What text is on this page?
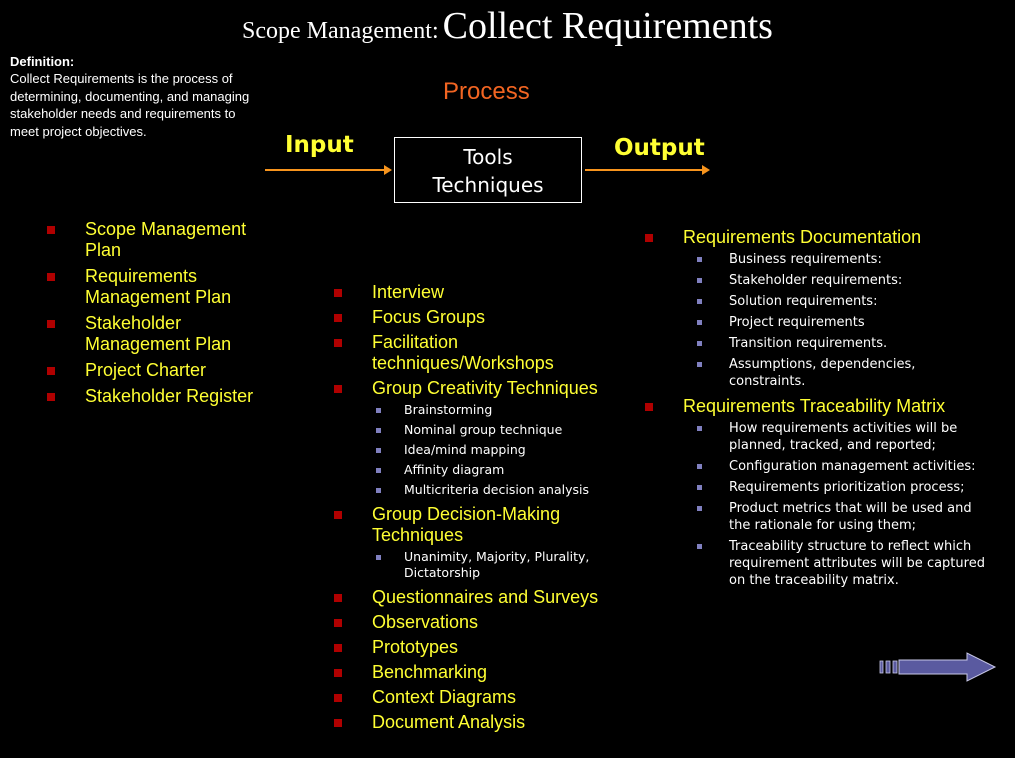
Scope Management: Collect Requirements
Definition:
Collect Requirements is the process of determining, documenting, and managing stakeholder needs and requirements to meet project objectives.
Process
Input	Output
Tools
Techniques
Scope Management Plan
Requirements Management Plan
Stakeholder Management Plan
Project Charter
Stakeholder Register
Interview
Focus Groups
Facilitation techniques/Workshops
Group Creativity Techniques
Brainstorming
Nominal group technique
Idea/mind mapping
Affinity diagram
Multicriteria decision analysis
Group Decision-Making Techniques
Unanimity, Majority, Plurality, Dictatorship
Questionnaires and Surveys
Observations
Prototypes
Benchmarking
Context Diagrams
Document Analysis
Requirements Documentation
Business requirements:
Stakeholder requirements:
Solution requirements:
Project requirements
Transition requirements.
Assumptions, dependencies, constraints.
Requirements Traceability Matrix
How requirements activities will be planned, tracked, and reported;
Configuration management activities:
Requirements prioritization process;
Product metrics that will be used and the rationale for using them;
Traceability structure to reflect which requirement attributes will be captured on the traceability matrix.
